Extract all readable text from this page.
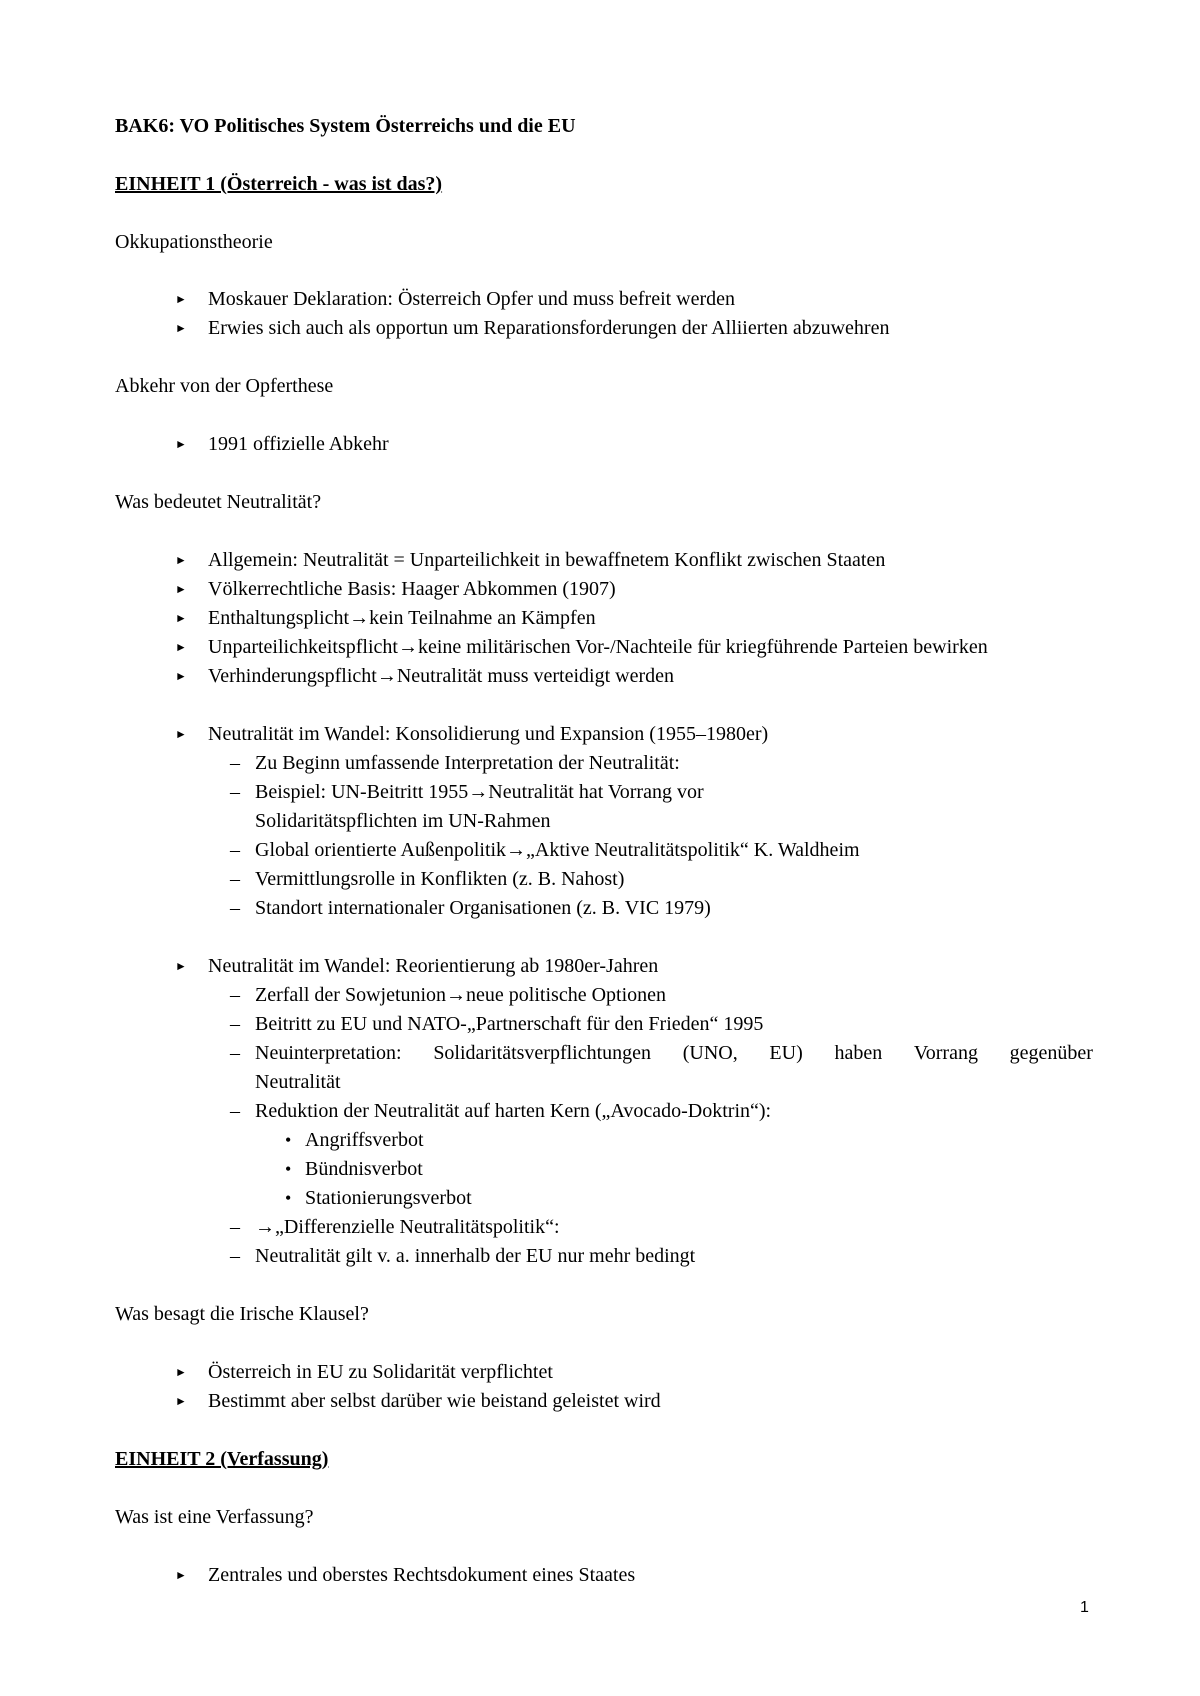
BAK6: VO Politisches System Österreichs und die EU
EINHEIT 1 (Österreich - was ist das?)
Okkupationstheorie
► Moskauer Deklaration: Österreich Opfer und muss befreit werden
► Erwies sich auch als opportun um Reparationsforderungen der Alliierten abzuwehren
Abkehr von der Opferthese
► 1991 offizielle Abkehr
Was bedeutet Neutralität?
► Allgemein: Neutralität = Unparteilichkeit in bewaffnetem Konflikt zwischen Staaten
► Völkerrechtliche Basis: Haager Abkommen (1907)
► Enthaltungsplicht→kein Teilnahme an Kämpfen
► Unparteilichkeitspflicht→keine militärischen Vor-/Nachteile für kriegführende Parteien bewirken
► Verhinderungspflicht→Neutralität muss verteidigt werden
► Neutralität im Wandel: Konsolidierung und Expansion (1955–1980er)
– Zu Beginn umfassende Interpretation der Neutralität:
– Beispiel: UN-Beitritt 1955→Neutralität hat Vorrang vor
Solidaritätspflichten im UN-Rahmen
– Global orientierte Außenpolitik→„Aktive Neutralitätspolitik“ K. Waldheim
– Vermittlungsrolle in Konflikten (z. B. Nahost)
– Standort internationaler Organisationen (z. B. VIC 1979)
► Neutralität im Wandel: Reorientierung ab 1980er-Jahren
– Zerfall der Sowjetunion→neue politische Optionen
– Beitritt zu EU und NATO-„Partnerschaft für den Frieden“ 1995
– Neuinterpretation: Solidaritätsverpflichtungen (UNO, EU) haben Vorrang gegenüber
Neutralität
– Reduktion der Neutralität auf harten Kern („Avocado-Doktrin“):
• Angriffsverbot
• Bündnisverbot
• Stationierungsverbot
– →„Differenzielle Neutralitätspolitik“:
– Neutralität gilt v. a. innerhalb der EU nur mehr bedingt
Was besagt die Irische Klausel?
► Österreich in EU zu Solidarität verpflichtet
► Bestimmt aber selbst darüber wie beistand geleistet wird
EINHEIT 2 (Verfassung)
Was ist eine Verfassung?
► Zentrales und oberstes Rechtsdokument eines Staates
1
